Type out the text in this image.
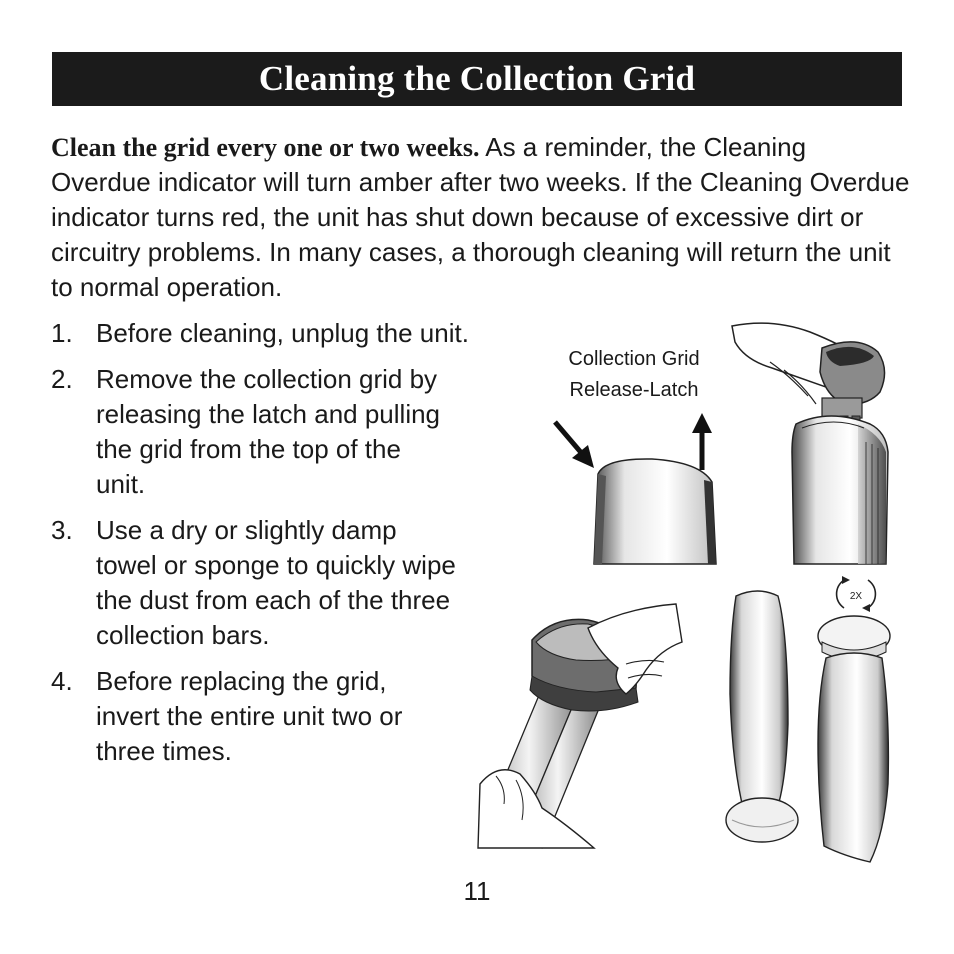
Cleaning the Collection Grid

Clean the grid every one or two weeks. As a reminder, the Cleaning Overdue indicator will turn amber after two weeks. If the Cleaning Overdue indicator turns red, the unit has shut down because of excessive dirt or circuitry problems. In many cases, a thorough cleaning will return the unit to normal operation.

1. Before cleaning, unplug the unit.
2. Remove the collection grid by releasing the latch and pulling the grid from the top of the unit.
3. Use a dry or slightly damp towel or sponge to quickly wipe the dust from each of the three collection bars.
4. Before replacing the grid, invert the entire unit two or three times.
Collection Grid
Release-Latch
2X
11
